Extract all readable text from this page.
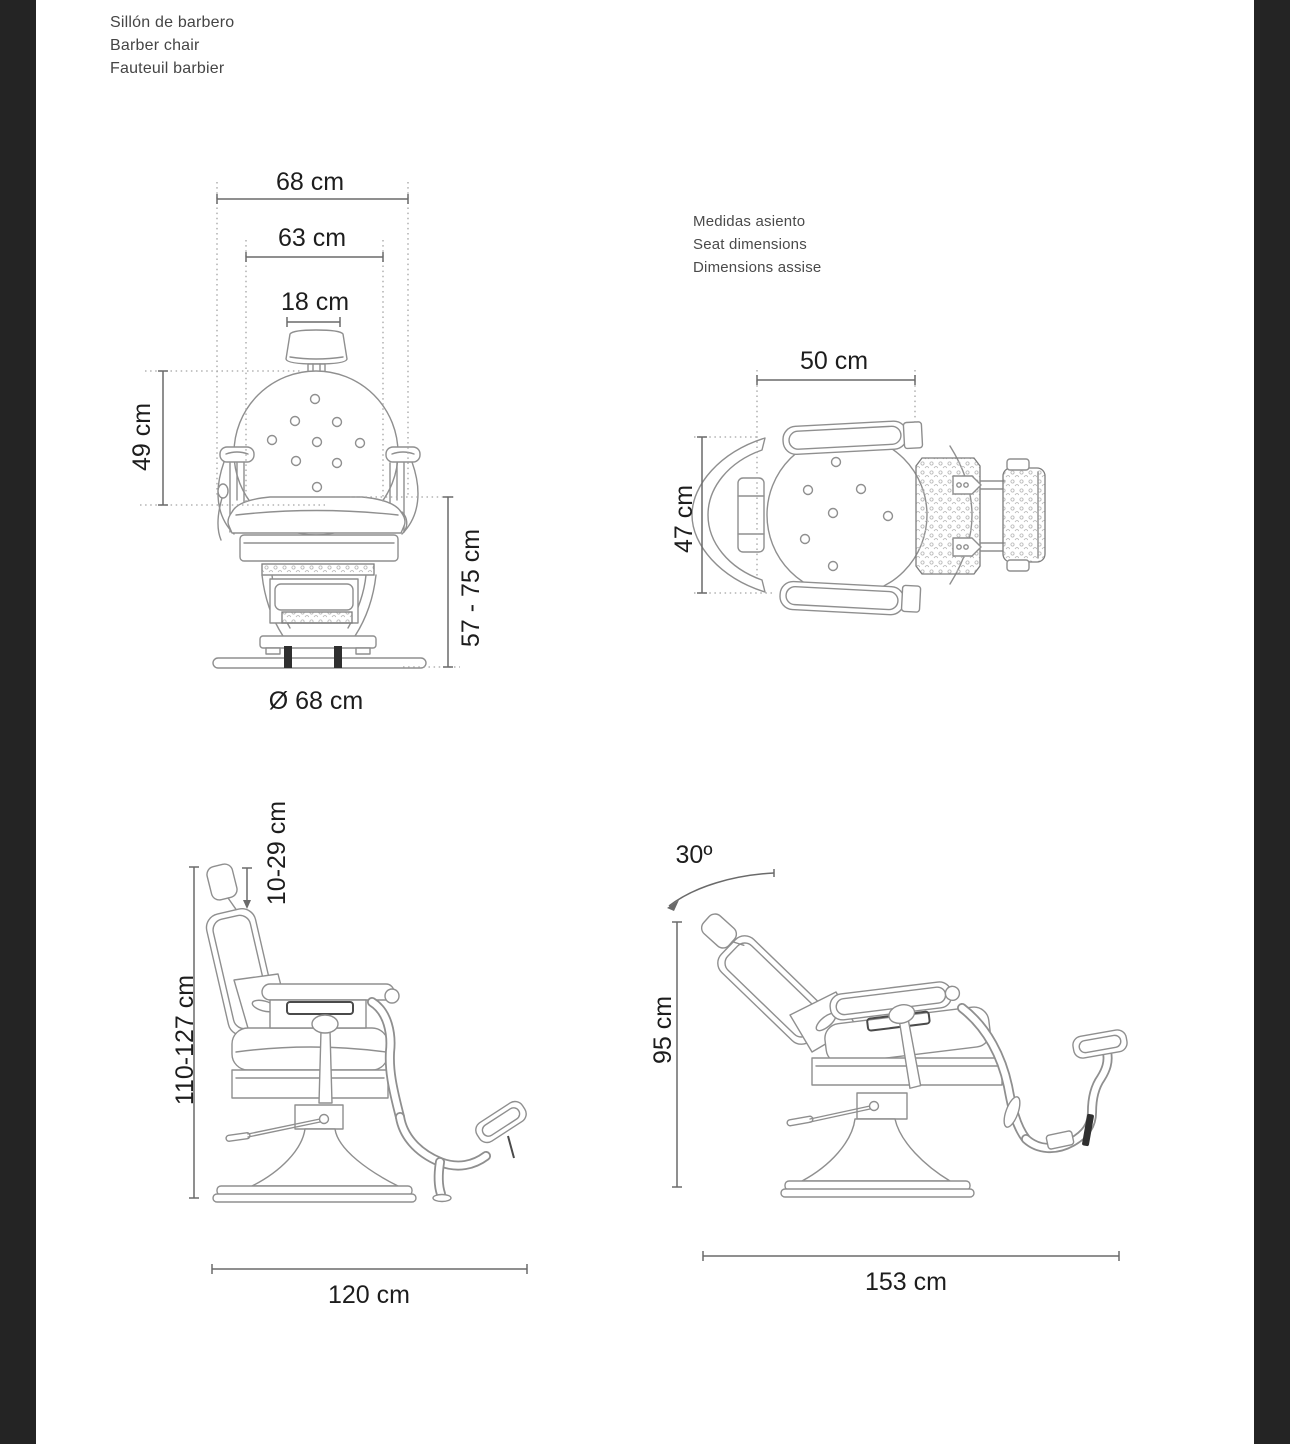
Sillón de barbero
Barber chair
Fauteuil barbier
Medidas asiento
Seat dimensions
Dimensions assise
68 cm
63 cm
18 cm
49 cm
57 - 75 cm
Ø 68 cm
50 cm
47 cm
10-29 cm
110-127 cm
120 cm
30º
95 cm
153 cm
